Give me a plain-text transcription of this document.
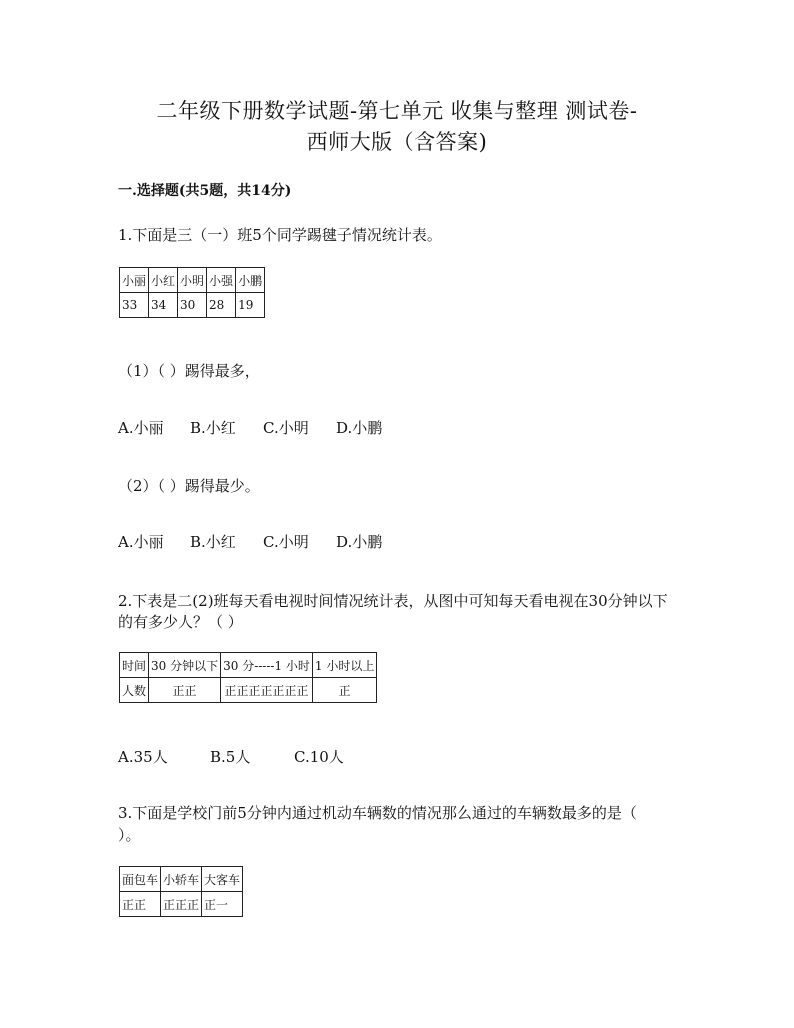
二年级下册数学试题-第七单元 收集与整理 测试卷-
西师大版（含答案)
一.选择题(共5题，共14分)
1.下面是三（一）班5个同学踢毽子情况统计表。
小丽	小红	小明	小强	小鹏
33	34	30	28	19
（1）（ ）踢得最多，
A.小丽 B.小红 C.小明 D.小鹏
（2）（ ）踢得最少。
A.小丽 B.小红 C.小明 D.小鹏
2.下表是二(2)班每天看电视时间情况统计表，从图中可知每天看电视在30分钟以下
的有多少人？（ ）
时间	30 分钟以下	30 分-----1 小时	1 小时以上
人数	正正	正正正正正正正	正
A.35人	B.5人	C.10人
3.下面是学校门前5分钟内通过机动车辆数的情况那么通过的车辆数最多的是（
）。
面包车	小轿车	大客车
正正	正正正	正一
